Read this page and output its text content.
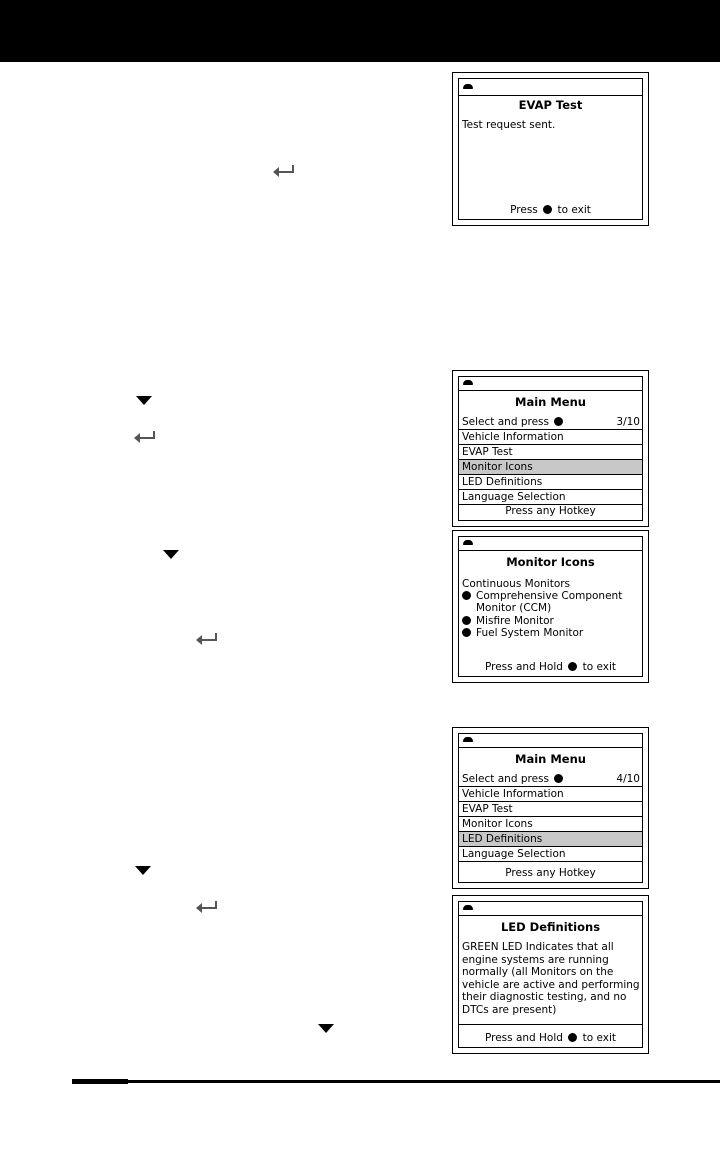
EVAP Test
Test request sent.
Press to exit
Main Menu
Select and press	3/10
Vehicle Information
EVAP Test
Monitor Icons
LED Definitions
Language Selection
Press any Hotkey
Monitor Icons
Continuous Monitors
Comprehensive Component
Monitor (CCM)
Misfire Monitor
Fuel System Monitor
Press and Hold to exit
Main Menu
Select and press	4/10
Vehicle Information
EVAP Test
Monitor Icons
LED Definitions
Language Selection
Press any Hotkey
LED Definitions
GREEN LED Indicates that all
engine systems are running
normally (all Monitors on the
vehicle are active and performing
their diagnostic testing, and no
DTCs are present)
Press and Hold to exit
